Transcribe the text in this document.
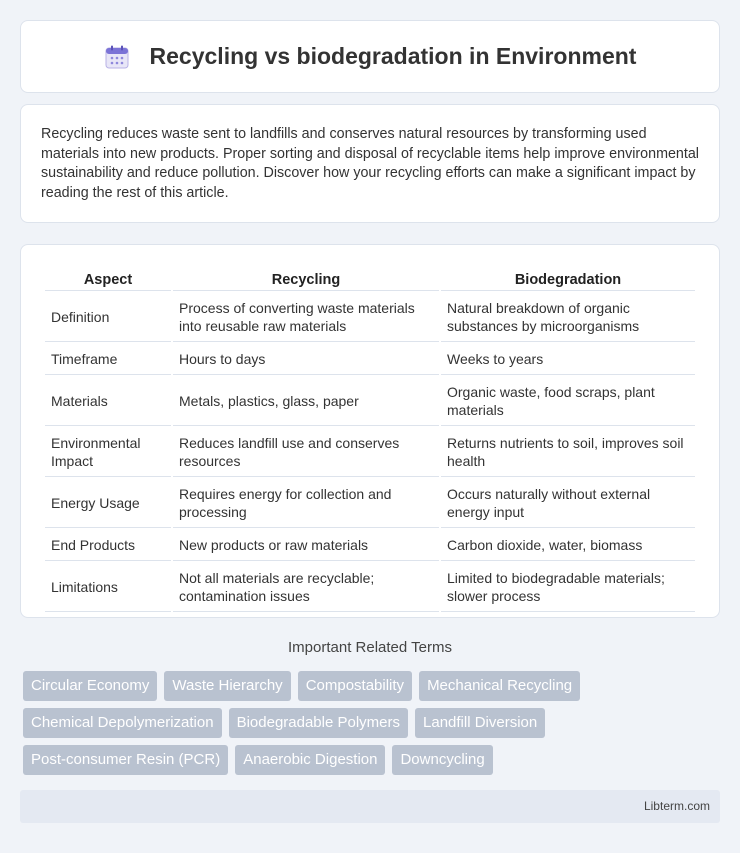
Recycling vs biodegradation in Environment

Recycling reduces waste sent to landfills and conserves natural resources by transforming used materials into new products. Proper sorting and disposal of recyclable items help improve environmental sustainability and reduce pollution. Discover how your recycling efforts can make a significant impact by reading the rest of this article.

Aspect	Recycling	Biodegradation
Definition	Process of converting waste materials into reusable raw materials	Natural breakdown of organic substances by microorganisms
Timeframe	Hours to days	Weeks to years
Materials	Metals, plastics, glass, paper	Organic waste, food scraps, plant materials
Environmental Impact	Reduces landfill use and conserves resources	Returns nutrients to soil, improves soil health
Energy Usage	Requires energy for collection and processing	Occurs naturally without external energy input
End Products	New products or raw materials	Carbon dioxide, water, biomass
Limitations	Not all materials are recyclable; contamination issues	Limited to biodegradable materials; slower process
Important Related Terms
Circular Economy	Waste Hierarchy	Compostability	Mechanical Recycling
Chemical Depolymerization	Biodegradable Polymers	Landfill Diversion
Post-consumer Resin (PCR)	Anaerobic Digestion	Downcycling
Libterm.com
